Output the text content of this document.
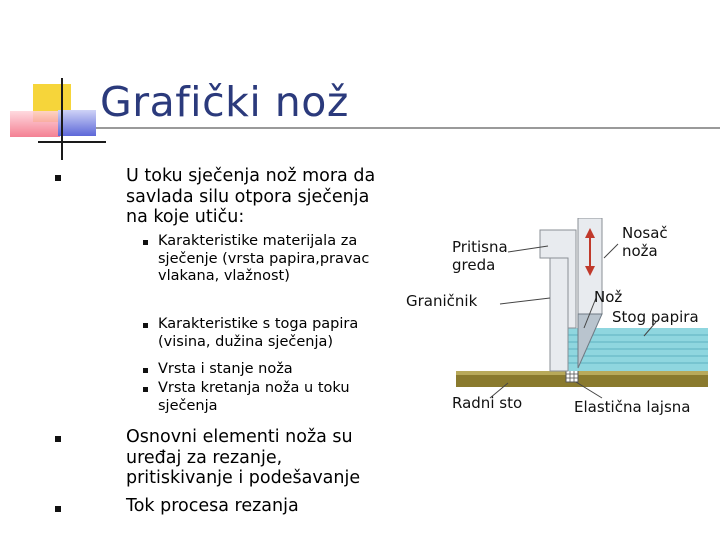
Grafički nož
U toku sječenja nož mora da savlada silu otpora sječenja na koje utiču:
Karakteristike materijala za sječenje (vrsta papira,pravac vlakana, vlažnost)
Karakteristike s toga papira (visina, dužina sječenja)
Vrsta i stanje noža
Vrsta kretanja noža u toku sječenja
Osnovni elementi noža su uređaj za rezanje, pritiskivanje i podešavanje
Tok procesa rezanja
Pritisna greda
Nosač noža
Graničnik	Nož
Stog papira
Radni sto	Elastična lajsna
